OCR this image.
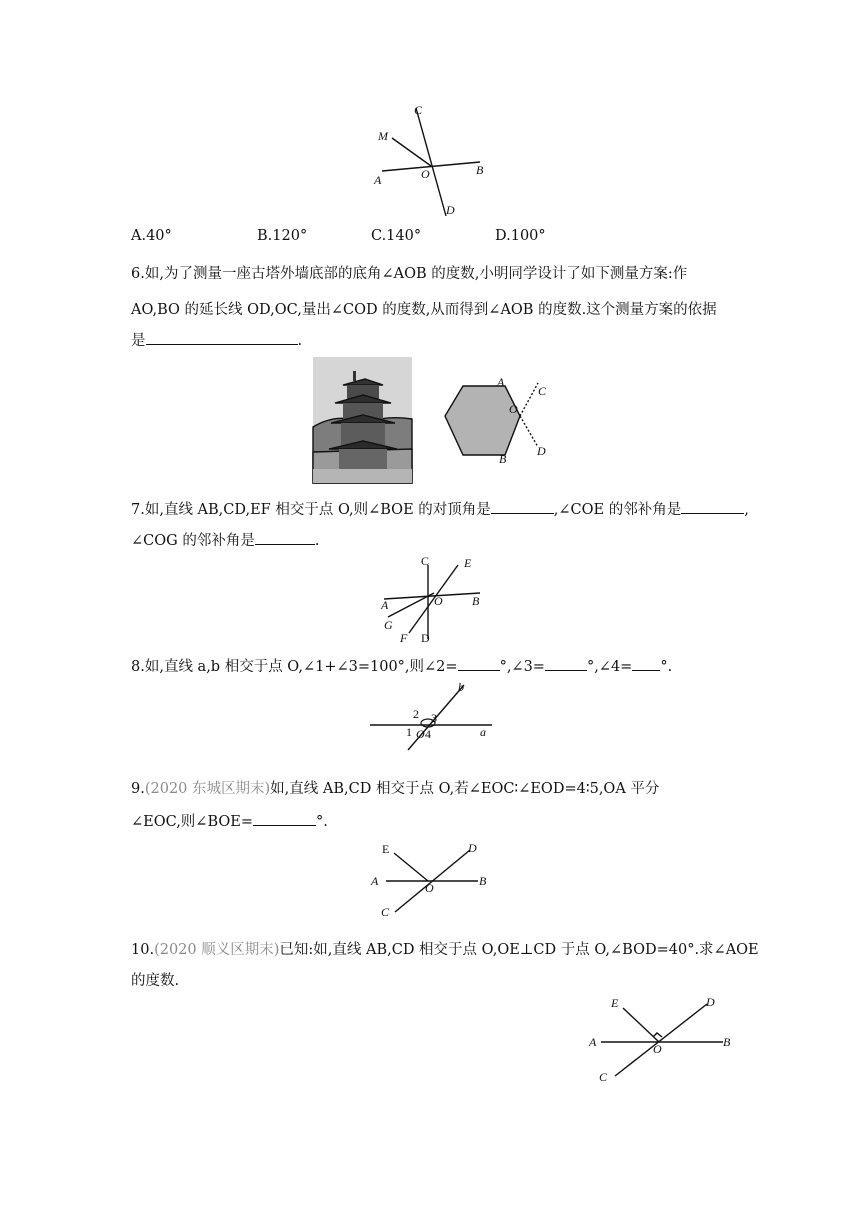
C
M
A	O	B
D
A.40°	B.120°	C.140°	D.100°
6.如,为了测量一座古塔外墙底部的底角∠AOB 的度数,小明同学设计了如下测量方案:作
AO,BO 的延长线 OD,OC,量出∠COD 的度数,从而得到∠AOB 的度数.这个测量方案的依据
是	.
A
C
O
B
D
7.如,直线 AB,CD,EF 相交于点 O,则∠BOE 的对顶角是	,∠COE 的邻补角是	,
∠COG 的邻补角是	.
C	E
A	O B
G
F D
8.如,直线 a,b 相交于点 O,∠1+∠3=100°,则∠2=	°,∠3=	°,∠4= °.
b
2 3
1 O 4	a
9.(2020 东城区期末)如,直线 AB,CD 相交于点 O,若∠EOC∶∠EOD=4∶5,OA 平分
∠EOC,则∠BOE=	°.
E	D
A	O	B
C
10.(2020 顺义区期末)已知:如,直线 AB,CD 相交于点 O,OE⊥CD 于点 O,∠BOD=40°.求∠AOE
的度数.
E	D
A	O	B
C
